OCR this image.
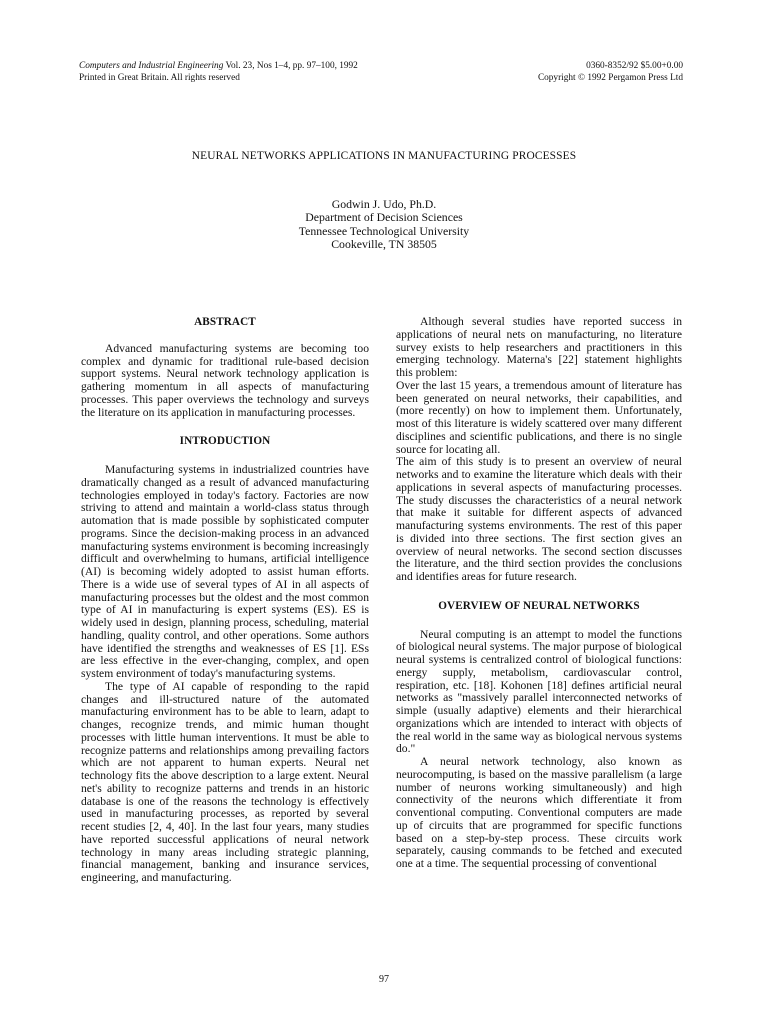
Computers and Industrial Engineering Vol. 23, Nos 1–4, pp. 97–100, 1992
Printed in Great Britain. All rights reserved
0360-8352/92 $5.00+0.00
Copyright © 1992 Pergamon Press Ltd
NEURAL NETWORKS APPLICATIONS IN MANUFACTURING PROCESSES
Godwin J. Udo, Ph.D.
Department of Decision Sciences
Tennessee Technological University
Cookeville, TN 38505

ABSTRACT

Advanced manufacturing systems are becoming too complex and dynamic for traditional rule-based decision support systems. Neural network technology application is gathering momentum in all aspects of manufacturing processes. This paper overviews the technology and surveys the literature on its application in manufacturing processes.

INTRODUCTION

Manufacturing systems in industrialized countries have dramatically changed as a result of advanced manufacturing technologies employed in today's factory. Factories are now striving to attend and maintain a world-class status through automation that is made possible by sophisticated computer programs. Since the decision-making process in an advanced manufacturing systems environment is becoming increasingly difficult and overwhelming to humans, artificial intelligence (AI) is becoming widely adopted to assist human efforts. There is a wide use of several types of AI in all aspects of manufacturing processes but the oldest and the most common type of AI in manufacturing is expert systems (ES). ES is widely used in design, planning process, scheduling, material handling, quality control, and other operations. Some authors have identified the strengths and weaknesses of ES [1]. ESs are less effective in the ever-changing, complex, and open system environment of today's manufacturing systems.

The type of AI capable of responding to the rapid changes and ill-structured nature of the automated manufacturing environment has to be able to learn, adapt to changes, recognize trends, and mimic human thought processes with little human interventions. It must be able to recognize patterns and relationships among prevailing factors which are not apparent to human experts. Neural net technology fits the above description to a large extent. Neural net's ability to recognize patterns and trends in an historic database is one of the reasons the technology is effectively used in manufacturing processes, as reported by several recent studies [2, 4, 40]. In the last four years, many studies have reported successful applications of neural network technology in many areas including strategic planning, financial management, banking and insurance services, engineering, and manufacturing.

Although several studies have reported success in applications of neural nets on manufacturing, no literature survey exists to help researchers and practitioners in this emerging technology. Materna's [22] statement highlights this problem:

Over the last 15 years, a tremendous amount of literature has been generated on neural networks, their capabilities, and (more recently) on how to implement them. Unfortunately, most of this literature is widely scattered over many different disciplines and scientific publications, and there is no single source for locating all.

The aim of this study is to present an overview of neural networks and to examine the literature which deals with their applications in several aspects of manufacturing processes. The study discusses the characteristics of a neural network that make it suitable for different aspects of advanced manufacturing systems environments. The rest of this paper is divided into three sections. The first section gives an overview of neural networks. The second section discusses the literature, and the third section provides the conclusions and identifies areas for future research.

OVERVIEW OF NEURAL NETWORKS

Neural computing is an attempt to model the functions of biological neural systems. The major purpose of biological neural systems is centralized control of biological functions: energy supply, metabolism, cardiovascular control, respiration, etc. [18]. Kohonen [18] defines artificial neural networks as "massively parallel interconnected networks of simple (usually adaptive) elements and their hierarchical organizations which are intended to interact with objects of the real world in the same way as biological nervous systems do."

A neural network technology, also known as neurocomputing, is based on the massive parallelism (a large number of neurons working simultaneously) and high connectivity of the neurons which differentiate it from conventional computing. Conventional computers are made up of circuits that are programmed for specific functions based on a step-by-step process. These circuits work separately, causing commands to be fetched and executed one at a time. The sequential processing of conventional

97
